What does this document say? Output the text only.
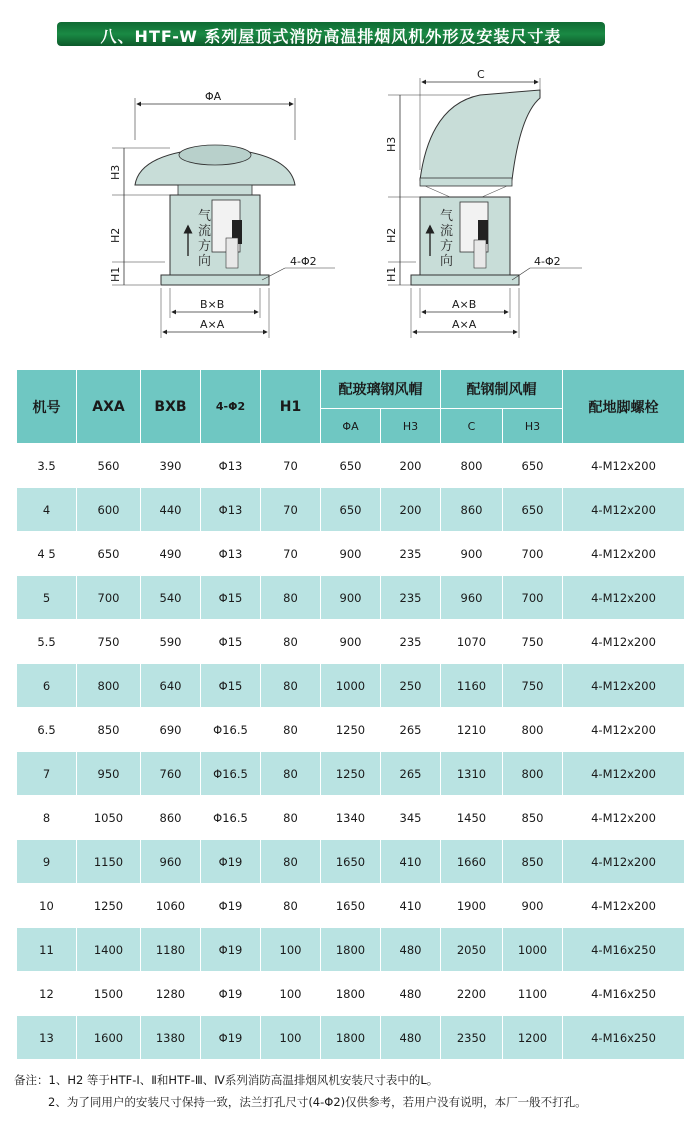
八、HTF-W 系列屋顶式消防高温排烟风机外形及安装尺寸表
气
流
方
向
ΦA
H3
H2
H1
4-Φ2
B×B
A×A
气
流
方
向
C
H3
H2
H1
4-Φ2
A×B
A×A
机号	AXA	BXB	4-Φ2	H1	配玻璃钢风帽		配钢制风帽		配地脚螺栓
					ΦA	H3	C	H3	
3.5	560	390	Φ13	70	650	200	800	650	4-M12x200
4	600	440	Φ13	70	650	200	860	650	4-M12x200
4 5	650	490	Φ13	70	900	235	900	700	4-M12x200
5	700	540	Φ15	80	900	235	960	700	4-M12x200
5.5	750	590	Φ15	80	900	235	1070	750	4-M12x200
6	800	640	Φ15	80	1000	250	1160	750	4-M12x200
6.5	850	690	Φ16.5	80	1250	265	1210	800	4-M12x200
7	950	760	Φ16.5	80	1250	265	1310	800	4-M12x200
8	1050	860	Φ16.5	80	1340	345	1450	850	4-M12x200
9	1150	960	Φ19	80	1650	410	1660	850	4-M12x200
10	1250	1060	Φ19	80	1650	410	1900	900	4-M12x200
11	1400	1180	Φ19	100	1800	480	2050	1000	4-M16x250
12	1500	1280	Φ19	100	1800	480	2200	1100	4-M16x250
13	1600	1380	Φ19	100	1800	480	2350	1200	4-M16x250
备注：1、H2 等于HTF-Ⅰ、Ⅱ和HTF-Ⅲ、Ⅳ系列消防高温排烟风机安装尺寸表中的L。
2、为了同用户的安装尺寸保持一致，法兰打孔尺寸(4-Φ2)仅供参考，若用户没有说明，本厂一般不打孔。
